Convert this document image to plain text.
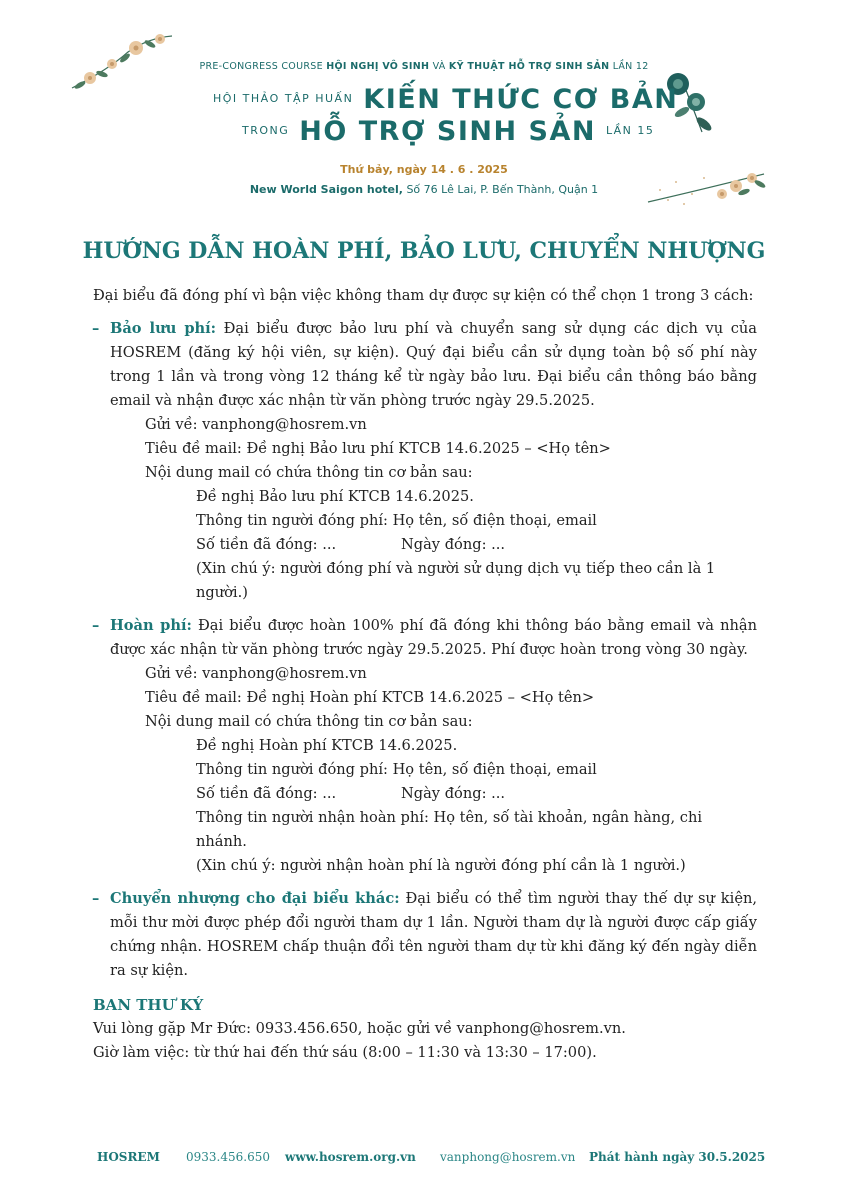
PRE-CONGRESS COURSE HỘI NGHỊ VÔ SINH VÀ KỸ THUẬT HỖ TRỢ SINH SẢN LẦN 12
$^{HỘI THẢO TẬP HUẤN}$ KIẾN THỨC CƠ BẢN
$^{TRONG}$ HỖ TRỢ SINH SẢN $^{LẦN 15}$
Thứ bảy, ngày 14 . 6 . 2025
New World Saigon hotel, Số 76 Lê Lai, P. Bến Thành, Quận 1
HƯỚNG DẪN HOÀN PHÍ, BẢO LƯU, CHUYỂN NHƯỢNG

Đại biểu đã đóng phí vì bận việc không tham dự được sự kiện có thể chọn 1 trong 3 cách:

– Bảo lưu phí: Đại biểu được bảo lưu phí và chuyển sang sử dụng các dịch vụ của HOSREM (đăng ký hội viên, sự kiện). Quý đại biểu cần sử dụng toàn bộ số phí này trong 1 lần và trong vòng 12 tháng kể từ ngày bảo lưu. Đại biểu cần thông báo bằng email và nhận được xác nhận từ văn phòng trước ngày 29.5.2025.

Gửi về: vanphong@hosrem.vn

Tiêu đề mail: Đề nghị Bảo lưu phí KTCB 14.6.2025 – <Họ tên>

Nội dung mail có chứa thông tin cơ bản sau:

Đề nghị Bảo lưu phí KTCB 14.6.2025.

Thông tin người đóng phí: Họ tên, số điện thoại, email

Số tiền đã đóng: ...	Ngày đóng: ...

(Xin chú ý: người đóng phí và người sử dụng dịch vụ tiếp theo cần là 1 người.)

– Hoàn phí: Đại biểu được hoàn 100% phí đã đóng khi thông báo bằng email và nhận được xác nhận từ văn phòng trước ngày 29.5.2025. Phí được hoàn trong vòng 30 ngày.

Gửi về: vanphong@hosrem.vn

Tiêu đề mail: Đề nghị Hoàn phí KTCB 14.6.2025 – <Họ tên>

Nội dung mail có chứa thông tin cơ bản sau:

Đề nghị Hoàn phí KTCB 14.6.2025.

Thông tin người đóng phí: Họ tên, số điện thoại, email

Số tiền đã đóng: ...	Ngày đóng: ...

Thông tin người nhận hoàn phí: Họ tên, số tài khoản, ngân hàng, chi nhánh.

(Xin chú ý: người nhận hoàn phí là người đóng phí cần là 1 người.)

– Chuyển nhượng cho đại biểu khác: Đại biểu có thể tìm người thay thế dự sự kiện, mỗi thư mời được phép đổi người tham dự 1 lần. Người tham dự là người được cấp giấy chứng nhận. HOSREM chấp thuận đổi tên người tham dự từ khi đăng ký đến ngày diễn ra sự kiện.

BAN THƯ KÝ

Vui lòng gặp Mr Đức: 0933.456.650, hoặc gửi về vanphong@hosrem.vn.

Giờ làm việc: từ thứ hai đến thứ sáu (8:00 – 11:30 và 13:30 – 17:00).

HOSREM 0933.456.650 www.hosrem.org.vn vanphong@hosrem.vn Phát hành ngày 30.5.2025
